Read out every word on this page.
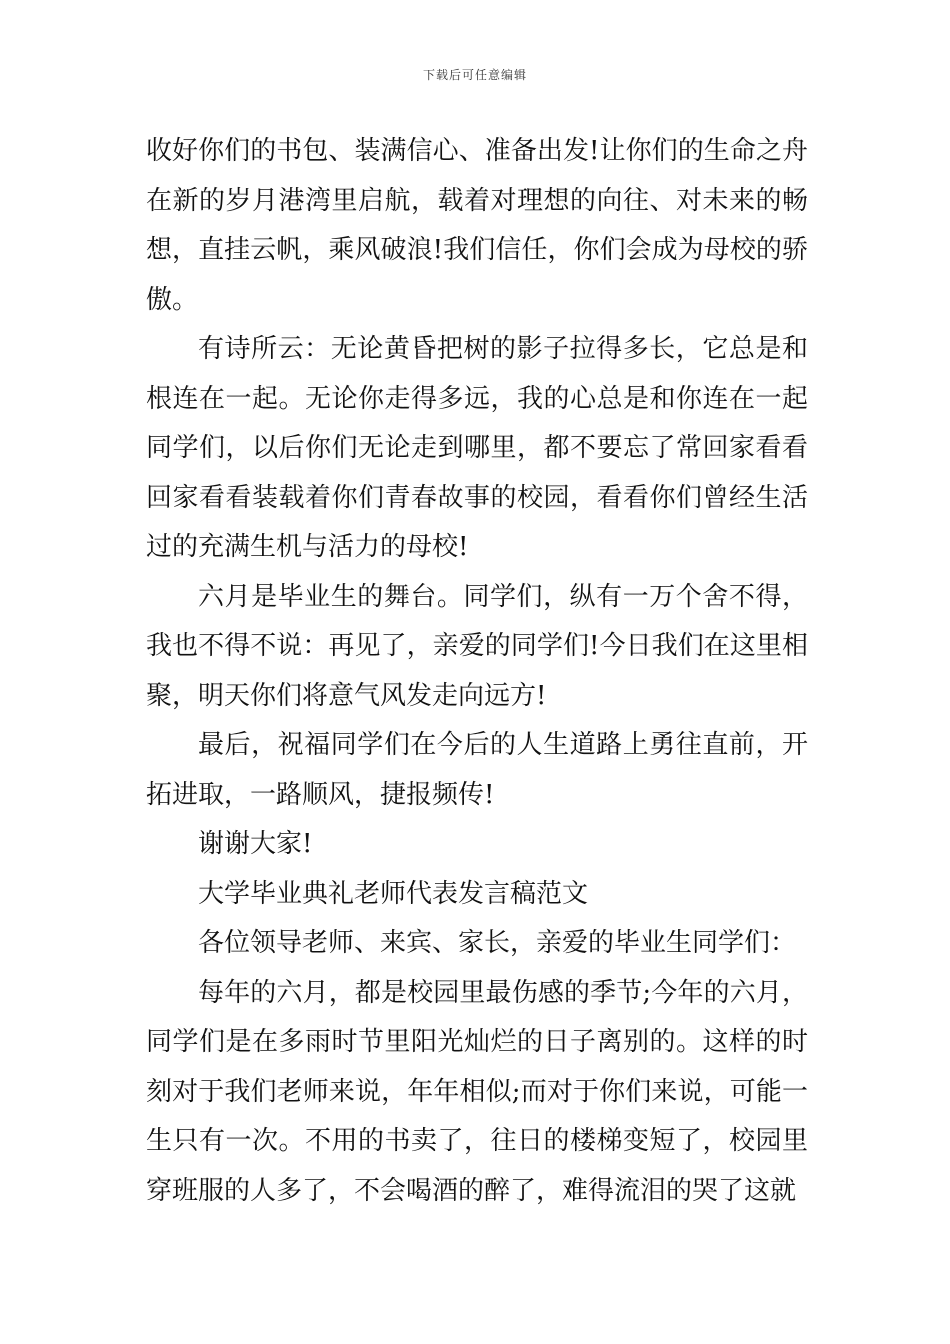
下载后可任意编辑

收好你们的书包、装满信心、准备出发!让你们的生命之舟在新的岁月港湾里启航，载着对理想的向往、对未来的畅想，直挂云帆，乘风破浪!我们信任，你们会成为母校的骄傲。

有诗所云：无论黄昏把树的影子拉得多长，它总是和根连在一起。无论你走得多远，我的心总是和你连在一起同学们，以后你们无论走到哪里，都不要忘了常回家看看回家看看装载着你们青春故事的校园，看看你们曾经生活过的充满生机与活力的母校!

六月是毕业生的舞台。同学们，纵有一万个舍不得，我也不得不说：再见了，亲爱的同学们!今日我们在这里相聚，明天你们将意气风发走向远方!

最后，祝福同学们在今后的人生道路上勇往直前，开拓进取，一路顺风，捷报频传!

谢谢大家!

大学毕业典礼老师代表发言稿范文

各位领导老师、来宾、家长，亲爱的毕业生同学们：

每年的六月，都是校园里最伤感的季节;今年的六月，同学们是在多雨时节里阳光灿烂的日子离别的。这样的时刻对于我们老师来说，年年相似;而对于你们来说，可能一生只有一次。不用的书卖了，往日的楼梯变短了，校园里穿班服的人多了，不会喝酒的醉了，难得流泪的哭了这就
